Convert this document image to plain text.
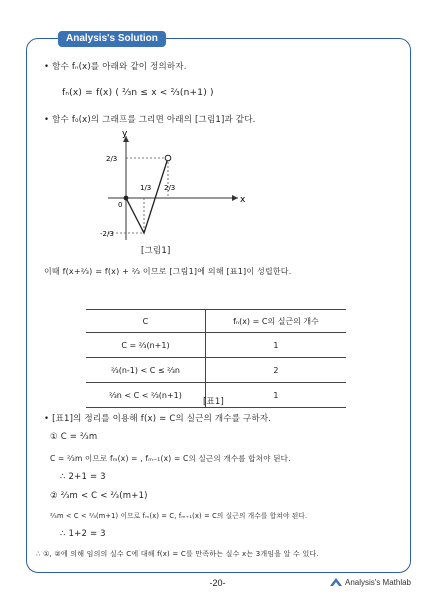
Analysis's Solution
• 함수 fₙ(x)를 아래와 같이 정의하자.
fₙ(x) = f(x) ( ²⁄₃n ≤ x < ²⁄₃(n+1) )
• 함수 f₀(x)의 그래프를 그리면 아래의 [그림1]과 같다.
y
x
0
2/3
-2/3
1/3 2/3
[그림1]
이때 f(x+²⁄₃) = f(x) + ²⁄₃ 이므로 [그림1]에 의해 [표1]이 성립한다.
C	fₙ(x) = C의 실근의 개수
C = ²⁄₃(n+1)	1
²⁄₃(n-1) < C ≤ ²⁄₃n	2
²⁄₃n < C < ²⁄₃(n+1)	1
[표1]
• [표1]의 정리를 이용해 f(x) = C의 실근의 개수를 구하자.
① C = ²⁄₃m
C = ²⁄₃m 이므로 fₘ(x) = , fₘ₋₁(x) = C의 실근의 개수를 합쳐야 된다.
∴ 2+1 = 3
② ²⁄₃m < C < ²⁄₃(m+1)
²⁄₃m < C < ²⁄₃(m+1) 이므로 fₘ(x) = C, fₘ₊₁(x) = C의 실근의 개수를 합쳐야 된다.
∴ 1+2 = 3
∴ ①, ②에 의해 임의의 실수 C에 대해 f(x) = C를 만족하는 실수 x는 3개임을 알 수 있다.
-20-	Analysis's Mathlab
